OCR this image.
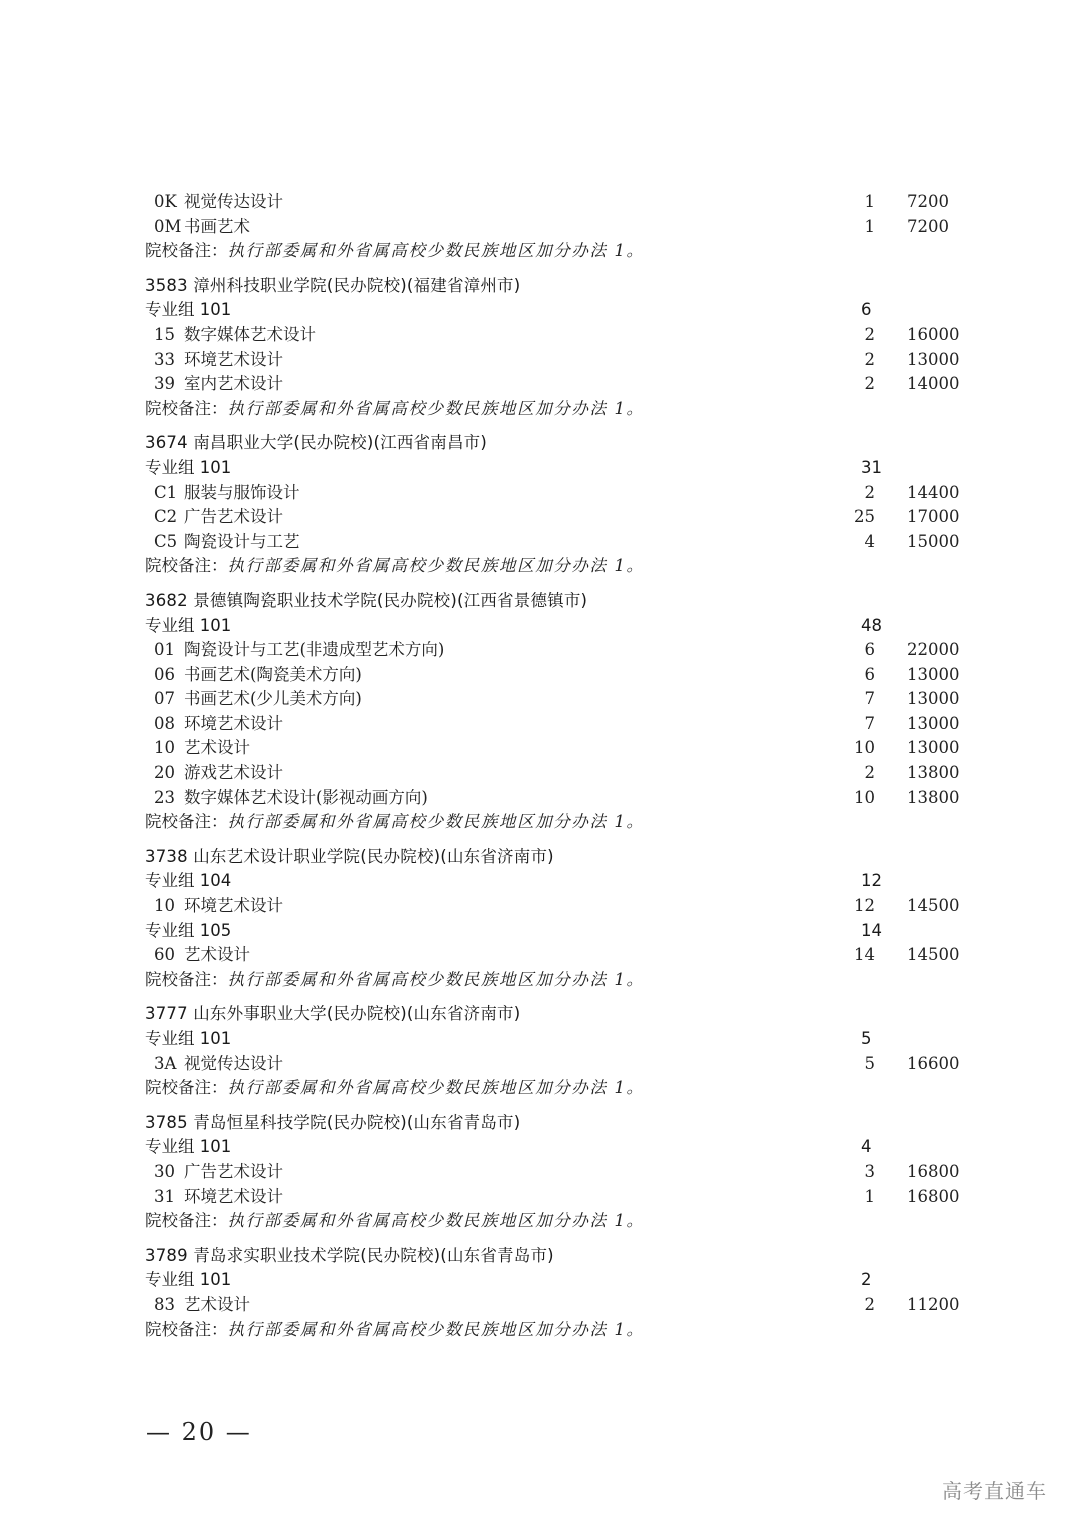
0K 视觉传达设计	1 7200
0M 书画艺术	1 7200
院校备注：执行部委属和外省属高校少数民族地区加分办法 1。
3583 漳州科技职业学院(民办院校)(福建省漳州市)
专业组 101	6
15 数字媒体艺术设计	2 16000
33 环境艺术设计	2 13000
39 室内艺术设计	2 14000
院校备注：执行部委属和外省属高校少数民族地区加分办法 1。
3674 南昌职业大学(民办院校)(江西省南昌市)
专业组 101	31
C1 服装与服饰设计	2 14400
C2 广告艺术设计	25 17000
C5 陶瓷设计与工艺	4 15000
院校备注：执行部委属和外省属高校少数民族地区加分办法 1。
3682 景德镇陶瓷职业技术学院(民办院校)(江西省景德镇市)
专业组 101	48
01 陶瓷设计与工艺(非遗成型艺术方向)	6 22000
06 书画艺术(陶瓷美术方向)	6 13000
07 书画艺术(少儿美术方向)	7 13000
08 环境艺术设计	7 13000
10 艺术设计	10 13000
20 游戏艺术设计	2 13800
23 数字媒体艺术设计(影视动画方向)	10 13800
院校备注：执行部委属和外省属高校少数民族地区加分办法 1。
3738 山东艺术设计职业学院(民办院校)(山东省济南市)
专业组 104	12
10 环境艺术设计	12 14500
专业组 105	14
60 艺术设计	14 14500
院校备注：执行部委属和外省属高校少数民族地区加分办法 1。
3777 山东外事职业大学(民办院校)(山东省济南市)
专业组 101	5
3A 视觉传达设计	5 16600
院校备注：执行部委属和外省属高校少数民族地区加分办法 1。
3785 青岛恒星科技学院(民办院校)(山东省青岛市)
专业组 101	4
30 广告艺术设计	3 16800
31 环境艺术设计	1 16800
院校备注：执行部委属和外省属高校少数民族地区加分办法 1。
3789 青岛求实职业技术学院(民办院校)(山东省青岛市)
专业组 101	2
83 艺术设计	2 11200
院校备注：执行部委属和外省属高校少数民族地区加分办法 1。
— 20 —
高考直通车
